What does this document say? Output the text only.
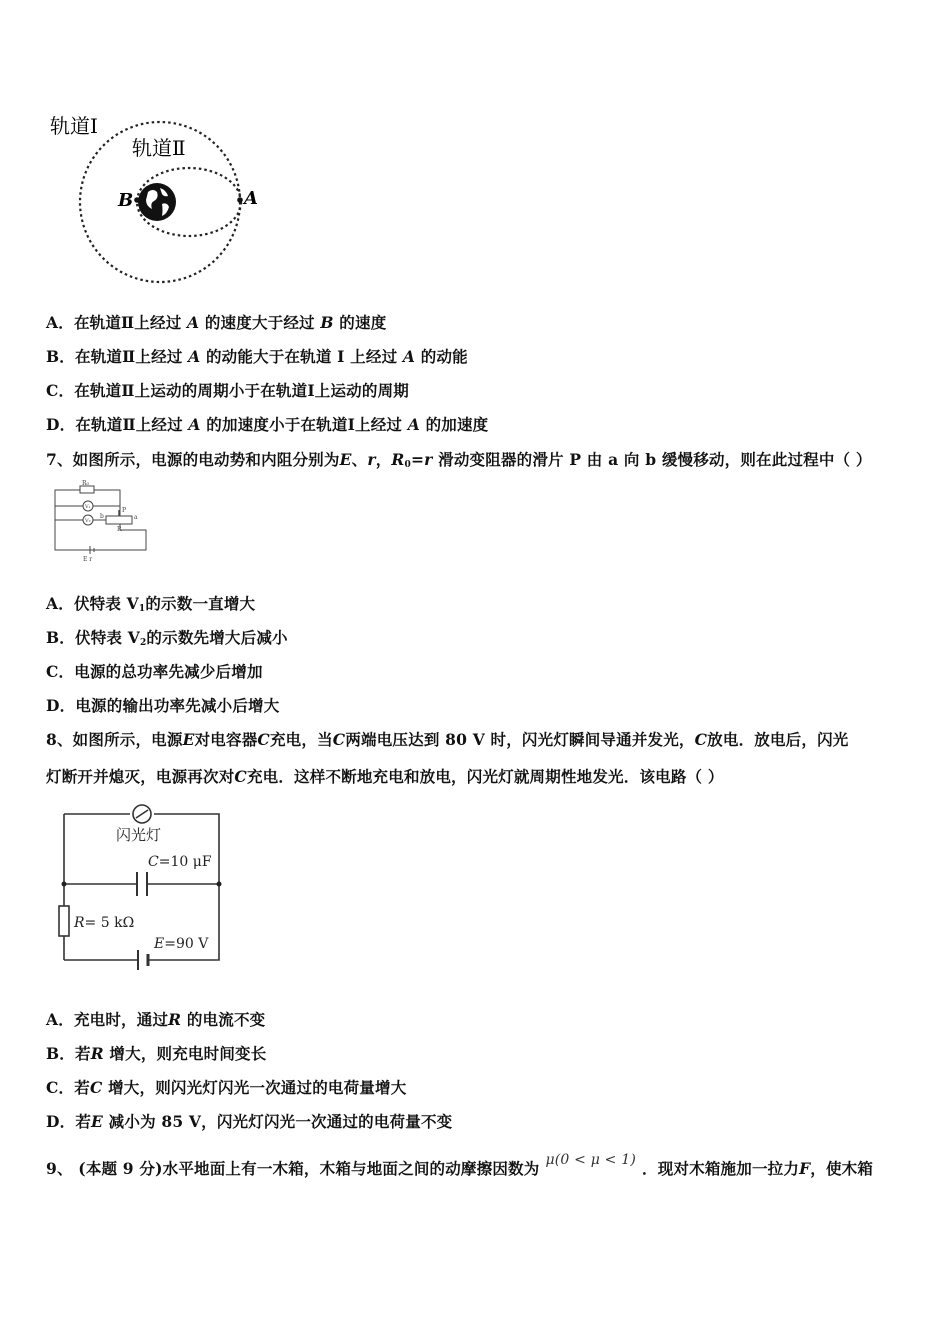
轨道Ⅰ
轨道Ⅱ
B	A
A．在轨道Ⅱ上经过 A 的速度大于经过 B 的速度
B．在轨道Ⅱ上经过 A 的动能大于在轨道 I 上经过 A 的动能
C．在轨道Ⅱ上运动的周期小于在轨道Ⅰ上运动的周期
D．在轨道Ⅱ上经过 A 的加速度小于在轨道Ⅰ上经过 A 的加速度
7、如图所示，电源的电动势和内阻分别为E、r，$R_0=r$ 滑动变阻器的滑片 P 由 a 向 b 缓慢移动，则在此过程中（ ）
R₀
V₁
V₂	a
b
P
R
E r
A．伏特表 $V_1$的示数一直增大
B．伏特表 $V_2$的示数先增大后减小
C．电源的总功率先减少后增加
D．电源的输出功率先减小后增大
8、如图所示，电源E对电容器C充电，当C两端电压达到 80 V 时，闪光灯瞬间导通并发光，C放电．放电后，闪光
灯断开并熄灭，电源再次对C充电．这样不断地充电和放电，闪光灯就周期性地发光．该电路（ ）
闪光灯
C=10 μF
R= 5 kΩ
E=90 V
A．充电时，通过R 的电流不变
B．若R 增大，则充电时间变长
C．若C 增大，则闪光灯闪光一次通过的电荷量增大
D．若E 减小为 85 V，闪光灯闪光一次通过的电荷量不变
9、 (本题 9 分)水平地面上有一木箱，木箱与地面之间的动摩擦因数为 μ(0 < μ < 1) ．现对木箱施加一拉力F，使木箱
